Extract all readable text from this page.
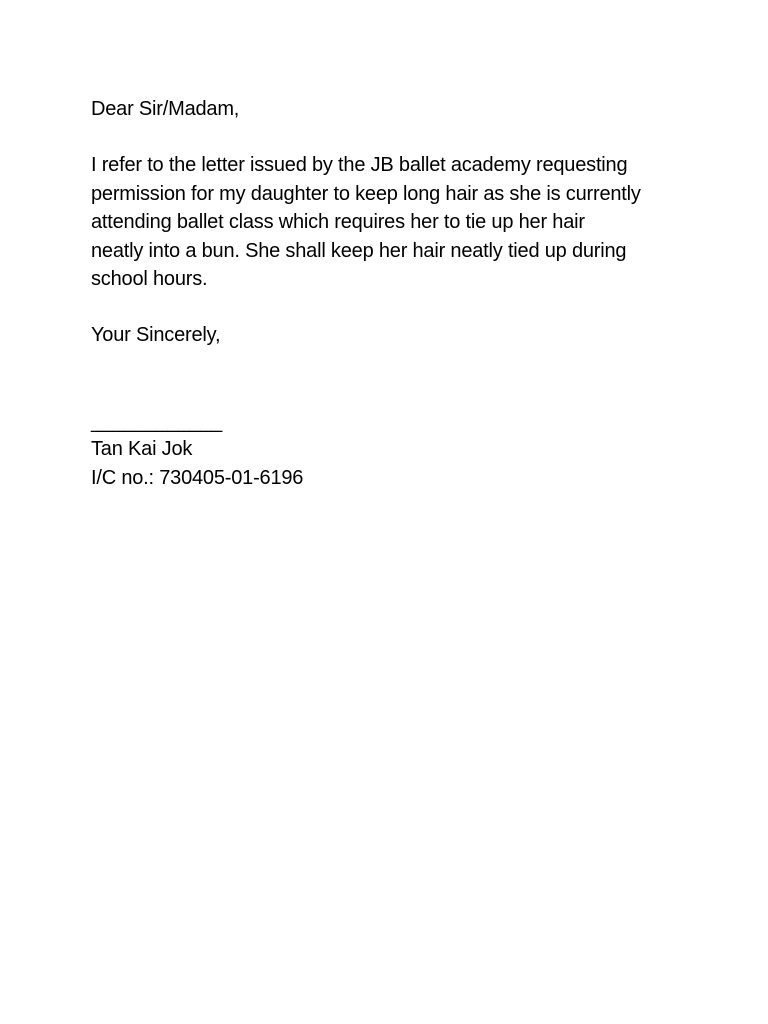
Dear Sir/Madam,
I refer to the letter issued by the JB ballet academy requesting
permission for my daughter to keep long hair as she is currently
attending ballet class which requires her to tie up her hair
neatly into a bun. She shall keep her hair neatly tied up during
school hours.
Your Sincerely,
____________
Tan Kai Jok
I/C no.: 730405-01-6196
